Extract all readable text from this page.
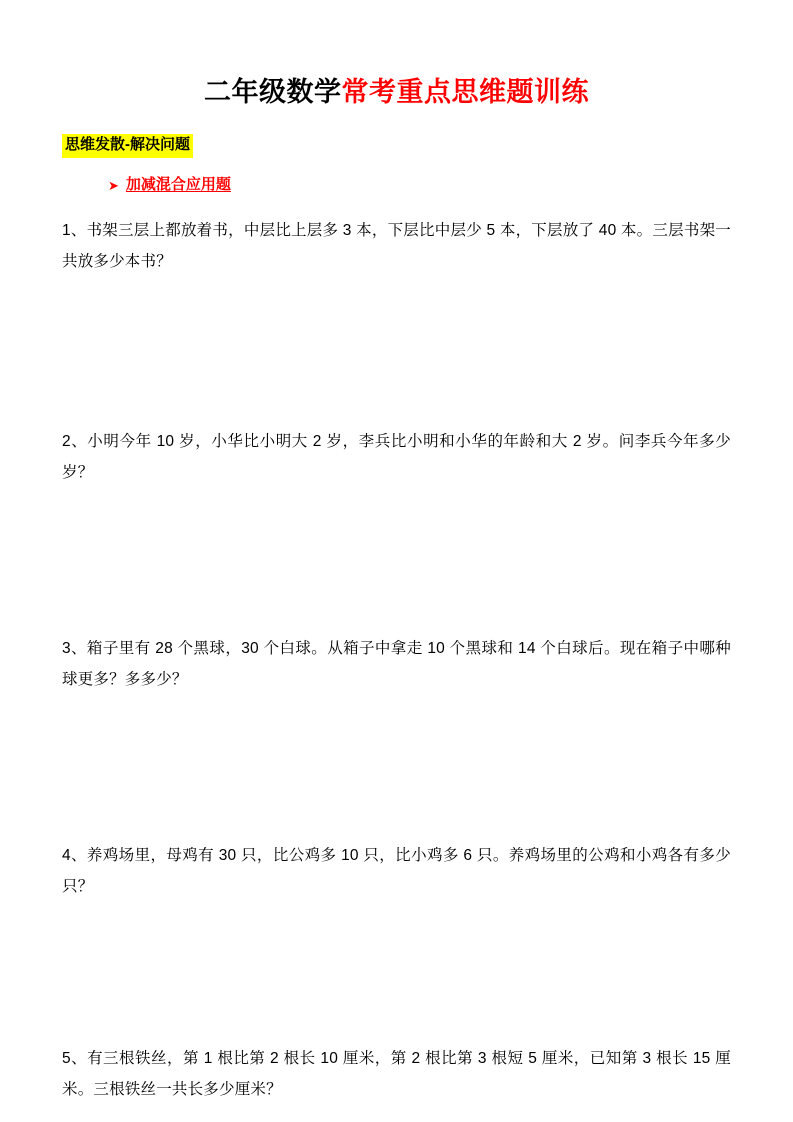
二年级数学常考重点思维题训练
思维发散-解决问题
➤ 加减混合应用题

1、书架三层上都放着书，中层比上层多 3 本，下层比中层少 5 本，下层放了 40 本。三层书架一共放多少本书？

2、小明今年 10 岁，小华比小明大 2 岁，李兵比小明和小华的年龄和大 2 岁。问李兵今年多少岁？

3、箱子里有 28 个黑球，30 个白球。从箱子中拿走 10 个黑球和 14 个白球后。现在箱子中哪种球更多？多多少？

4、养鸡场里，母鸡有 30 只，比公鸡多 10 只，比小鸡多 6 只。养鸡场里的公鸡和小鸡各有多少只？

5、有三根铁丝，第 1 根比第 2 根长 10 厘米，第 2 根比第 3 根短 5 厘米，已知第 3 根长 15 厘米。三根铁丝一共长多少厘米？
